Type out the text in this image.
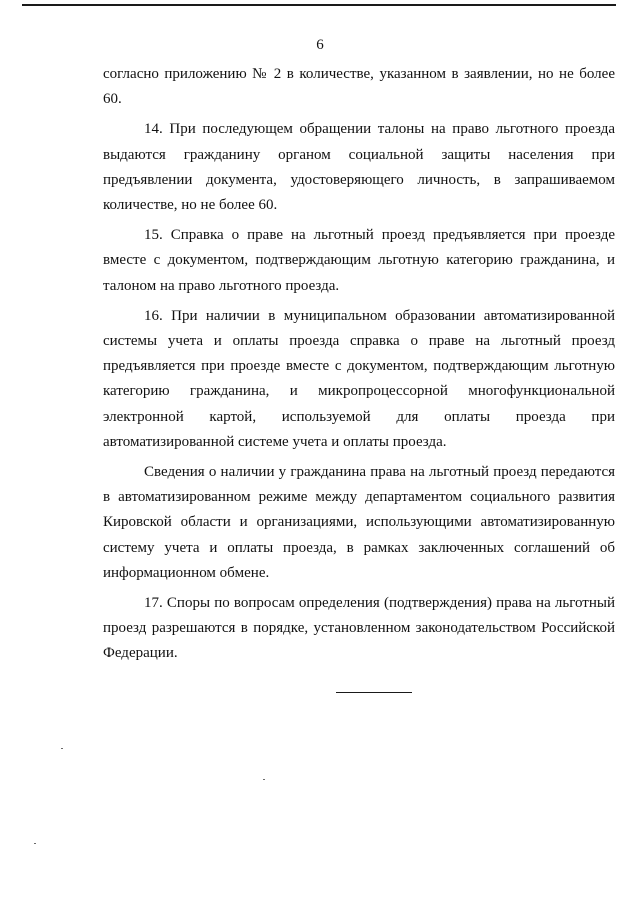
6

согласно приложению № 2 в количестве, указанном в заявлении, но не более 60.

14. При последующем обращении талоны на право льготного проезда выдаются гражданину органом социальной защиты населения при предъявлении документа, удостоверяющего личность, в запрашиваемом количестве, но не более 60.

15. Справка о праве на льготный проезд предъявляется при проезде вместе с документом, подтверждающим льготную категорию гражданина, и талоном на право льготного проезда.

16. При наличии в муниципальном образовании автоматизированной системы учета и оплаты проезда справка о праве на льготный проезд предъявляется при проезде вместе с документом, подтверждающим льготную категорию гражданина, и микропроцессорной многофункциональной электронной картой, используемой для оплаты проезда при автоматизированной системе учета и оплаты проезда.

Сведения о наличии у гражданина права на льготный проезд передаются в автоматизированном режиме между департаментом социального развития Кировской области и организациями, использующими автоматизированную систему учета и оплаты проезда, в рамках заключенных соглашений об информационном обмене.

17. Споры по вопросам определения (подтверждения) права на льготный проезд разрешаются в порядке, установленном законодательством Российской Федерации.
